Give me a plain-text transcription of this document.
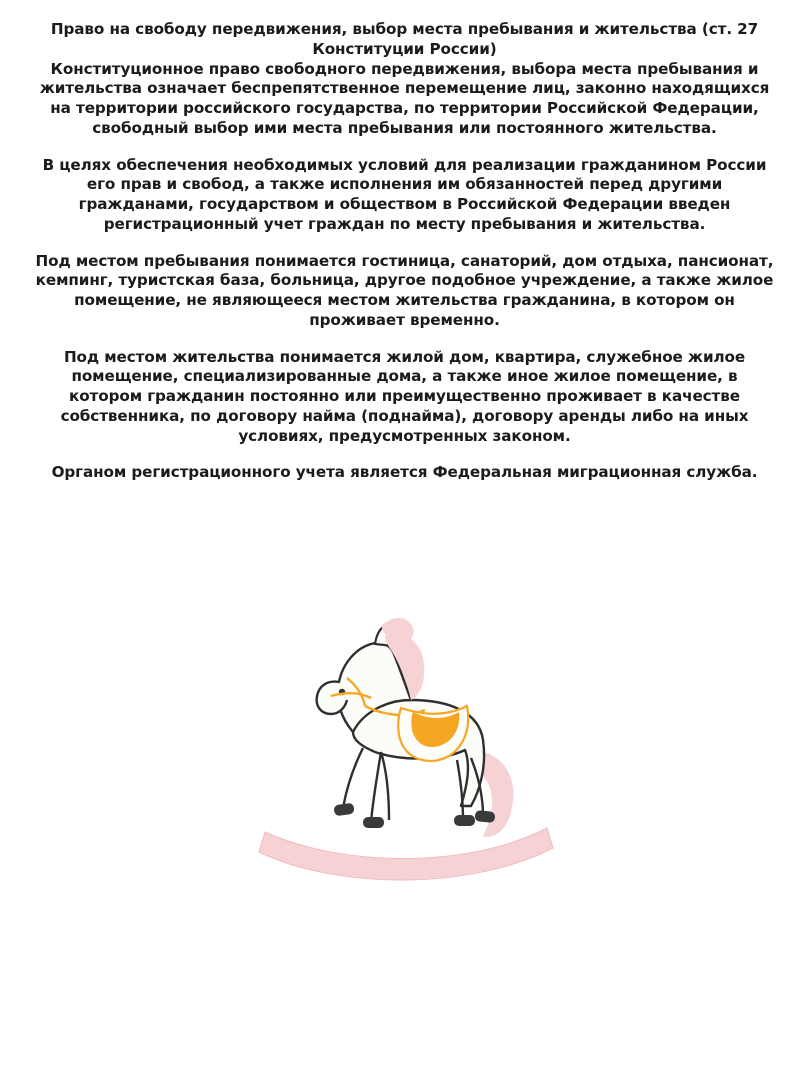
Право на свободу передвижения, выбор места пребывания и жительства (ст. 27 Конституции России)
Конституционное право свободного передвижения, выбора места пребывания и жительства означает беспрепятственное перемещение лиц, законно находящихся на территории российского государства, по территории Российской Федерации, свободный выбор ими места пребывания или постоянного жительства.
В целях обеспечения необходимых условий для реализации гражданином России его прав и свобод, а также исполнения им обязанностей перед другими гражданами, государством и обществом в Российской Федерации введен регистрационный учет граждан по месту пребывания и жительства.
Под местом пребывания понимается гостиница, санаторий, дом отдыха, пансионат, кемпинг, туристская база, больница, другое подобное учреждение, а также жилое помещение, не являющееся местом жительства гражданина, в котором он проживает временно.
Под местом жительства понимается жилой дом, квартира, служебное жилое помещение, специализированные дома, а также иное жилое помещение, в котором гражданин постоянно или преимущественно проживает в качестве собственника, по договору найма (поднайма), договору аренды либо на иных условиях, предусмотренных законом.
Органом регистрационного учета является Федеральная миграционная служба.
